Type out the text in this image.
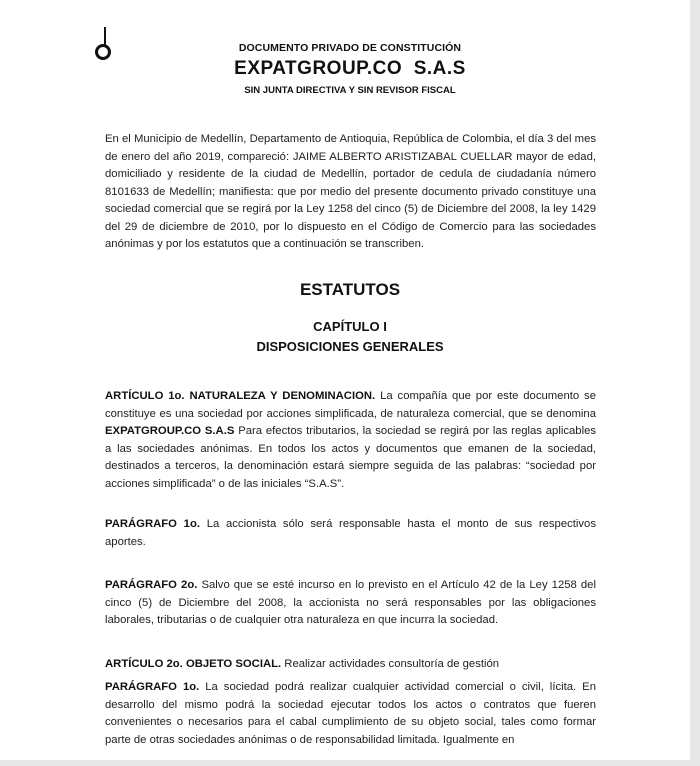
DOCUMENTO PRIVADO DE CONSTITUCIÓN
EXPATGROUP.CO  S.A.S
SIN JUNTA DIRECTIVA Y SIN REVISOR FISCAL
En el Municipio de Medellín, Departamento de Antioquia, República de Colombia, el día 3 del mes de enero del año 2019, compareció: JAIME ALBERTO ARISTIZABAL CUELLAR mayor de edad, domiciliado y residente de la ciudad de Medellín, portador de cedula de ciudadanía número 8101633 de Medellín; manifiesta: que por medio del presente documento privado constituye una sociedad comercial que se regirá por la Ley 1258 del cinco (5) de Diciembre del 2008, la ley 1429 del 29 de diciembre de 2010, por lo dispuesto en el Código de Comercio para las sociedades anónimas y por los estatutos que a continuación se transcriben.
ESTATUTOS
CAPÍTULO I
DISPOSICIONES GENERALES
ARTÍCULO 1o. NATURALEZA Y DENOMINACION. La compañía que por este documento se constituye es una sociedad por acciones simplificada, de naturaleza comercial, que se denomina EXPATGROUP.CO S.A.S Para efectos tributarios, la sociedad se regirá por las reglas aplicables a las sociedades anónimas. En todos los actos y documentos que emanen de la sociedad, destinados a terceros, la denominación estará siempre seguida de las palabras: “sociedad por acciones simplificada” o de las iniciales “S.A.S”.
PARÁGRAFO 1o. La accionista sólo será responsable hasta el monto de sus respectivos aportes.
PARÁGRAFO 2o. Salvo que se esté incurso en lo previsto en el Artículo 42 de la Ley 1258 del cinco (5) de Diciembre del 2008, la accionista no será responsables por las obligaciones laborales, tributarias o de cualquier otra naturaleza en que incurra la sociedad.
ARTÍCULO 2o. OBJETO SOCIAL. Realizar actividades consultoría de gestión
PARÁGRAFO 1o. La sociedad podrá realizar cualquier actividad comercial o civil, lícita. En desarrollo del mismo podrá la sociedad ejecutar todos los actos o contratos que fueren convenientes o necesarios para el cabal cumplimiento de su objeto social, tales como formar parte de otras sociedades anónimas o de responsabilidad limitada. Igualmente en
